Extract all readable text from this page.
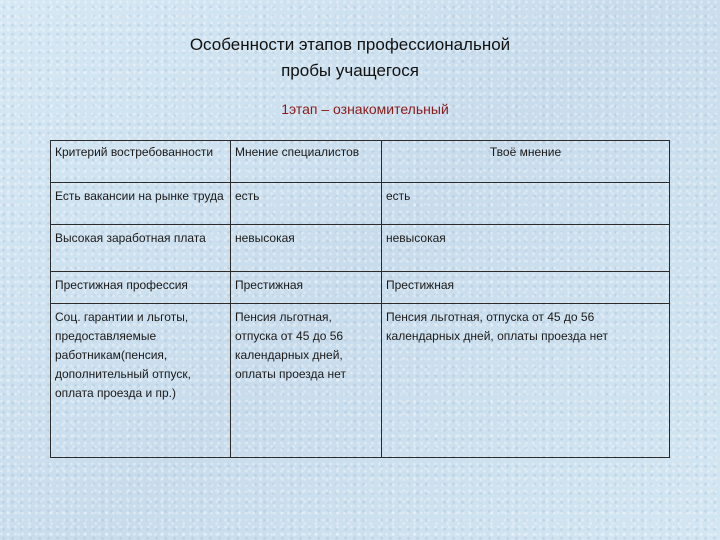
Особенности этапов профессиональной
пробы учащегося
1этап – ознакомительный
Критерий востребованности	Мнение специалистов	Твоё мнение
Есть вакансии на рынке труда	есть	есть
Высокая заработная плата	невысокая	невысокая
Престижная профессия	Престижная	Престижная
Соц. гарантии и льготы, предоставляемые работникам(пенсия, дополнительный отпуск, оплата проезда и пр.)	Пенсия льготная, отпуска от 45 до 56 календарных дней, оплаты проезда нет	Пенсия льготная, отпуска от 45 до 56 календарных дней, оплаты проезда нет
